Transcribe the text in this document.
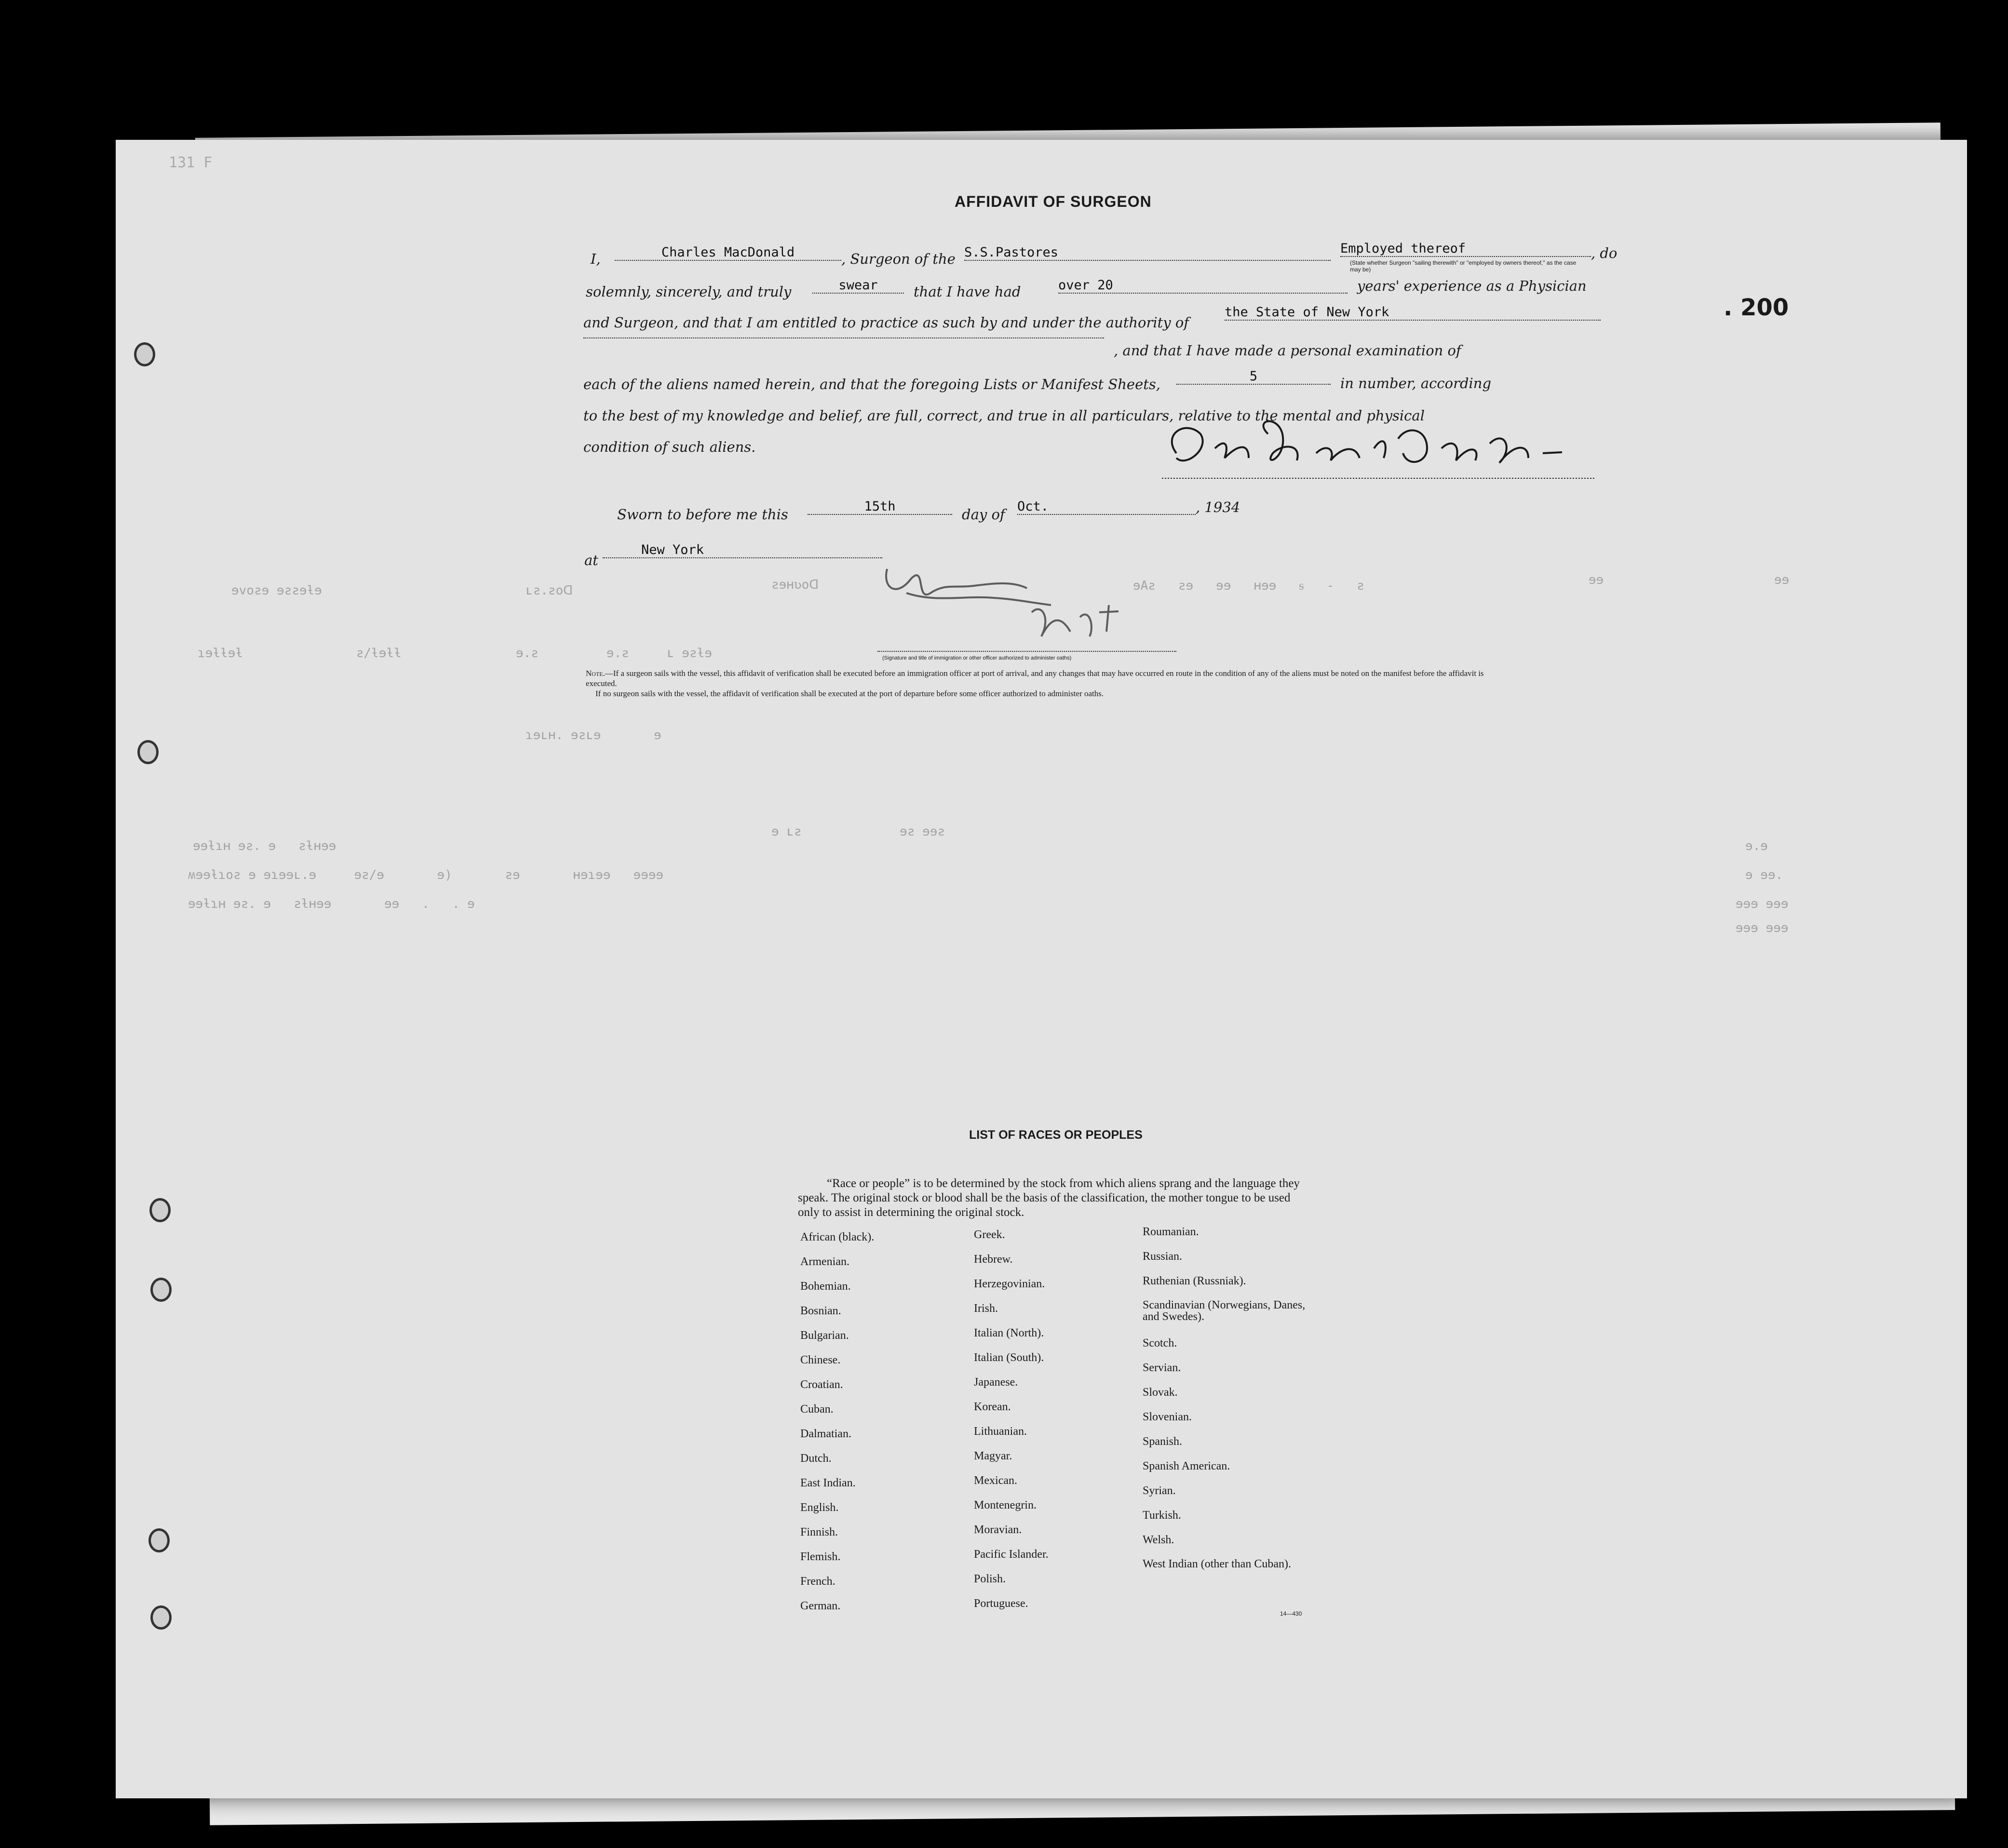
131 F
. 200
AFFIDAVIT OF SURGEON
I,	Charles MacDonald	, Surgeon of the S.S.Pastores	Employed thereof	, do
(State whether Surgeon "sailing therewith" or "employed by owners thereof," as the case may be)
solemnly, sincerely, and truly	swear	that I have had	over 20	years' experience as a Physician
and Surgeon, and that I am entitled to practice as such by and under the authority of
the State of New York
, and that I have made a personal examination of
each of the aliens named herein, and that the foregoing Lists or Manifest Sheets,	5	in number, according
to the best of my knowledge and belief, are full, correct, and true in all particulars, relative to the mental and physical
condition of such aliens.
Sworn to before me this	15th	day of Oct.	, 1934
at
New York
(Signature and title of immigration or other officer authorized to administer oaths)

Note.—If a surgeon sails with the vessel, this affidavit of verification shall be executed before an immigration officer at port of arrival, and any changes that may have occurred en route in the condition of any of the aliens must be noted on the manifest before the affidavit is executed.

If no surgeon sails with the vessel, the affidavit of verification shall be executed at the port of departure before some officer authorized to administer oaths.

ɘvoƨɘ ɘƨƨɘƚɘ	ʟƨ.ƨoᗡ	ƨɘʜʋoᗡ	ɘAƨ   ƨɘ   ɘɘ   ʜɘɘ   ᵴ   -   ƨ	ɘɘ	ɘɘ
ɿɘƚƚɘƚ               ƨ/ƚɘƚƚ	ɘ.ƨ         ɘ.ƨ     ʟ ɘƨƚɘ
ɿɘʟʜ. ɘƨʟɘ       ɘ
ɘɘƚɿʜ ɘƨ. ɘ   ƨƚʜɘɘ
ɘ ʟƨ             ɘƨ ɘɘƨ
ʍɘɘƚɿoƨ ɘ ɘɿɘɘʟ.ɘ     ɘƨ/ɘ       ɘ)       ƨɘ       ʜɘɿɘɘ   ɘɘɘɘ
ɘɘƚɿʜ ɘƨ. ɘ   ƨƚʜɘɘ       ɘɘ   .   . ɘ
ɘ.ɘ
ɘ ɘɘ.
ɘɘɘ ɘɘɘ
ɘɘɘ ɘɘɘ
LIST OF RACES OR PEOPLES
“Race or people” is to be determined by the stock from which aliens sprang and the language they speak. The original stock or blood shall be the basis of the classification, the mother tongue to be used only to assist in determining the original stock.
African (black).
Armenian.
Bohemian.
Bosnian.
Bulgarian.
Chinese.
Croatian.
Cuban.
Dalmatian.
Dutch.
East Indian.
English.
Finnish.
Flemish.
French.
German.
Greek.
Hebrew.
Herzegovinian.
Irish.
Italian (North).
Italian (South).
Japanese.
Korean.
Lithuanian.
Magyar.
Mexican.
Montenegrin.
Moravian.
Pacific Islander.
Polish.
Portuguese.
Roumanian.
Russian.
Ruthenian (Russniak).
Scandinavian (Norwegians, Danes, and Swedes).
Scotch.
Servian.
Slovak.
Slovenian.
Spanish.
Spanish American.
Syrian.
Turkish.
Welsh.
West Indian (other than Cuban).
14—430
